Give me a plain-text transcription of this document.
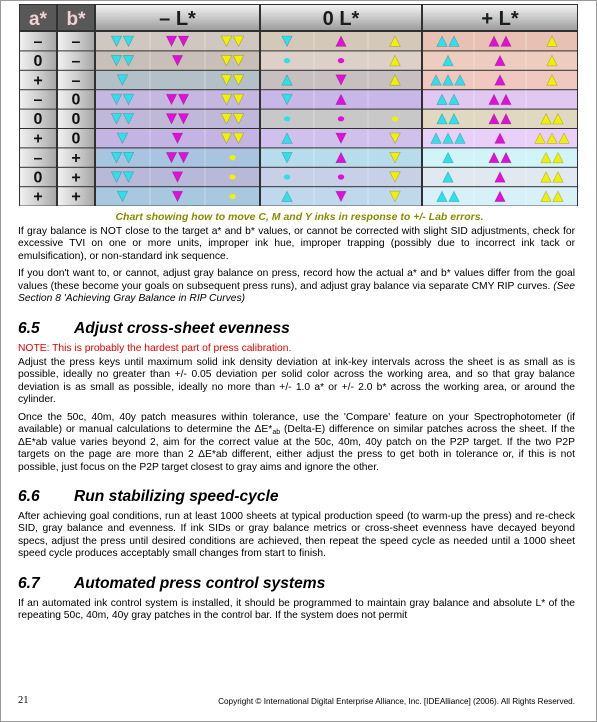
a* b*	– L*	0 L*	+ L*
– –
0 –
+ –
– 0
0 0
+ 0
– +
0 +
+ +
Chart showing how to move C, M and Y inks in response to +/- Lab errors.

If gray balance is NOT close to the target a* and b* values, or cannot be corrected with slight SID adjustments, check for excessive TVI on one or more units, improper ink hue, improper trapping (possibly due to incorrect ink tack or emulsification), or non-standard ink sequence.

If you don't want to, or cannot, adjust gray balance on press, record how the actual a* and b* values differ from the goal values (these become your goals on subsequent press runs), and adjust gray balance via separate CMY RIP curves. (See Section 8 'Achieving Gray Balance in RIP Curves)

6.5	Adjust cross-sheet evenness

NOTE: This is probably the hardest part of press calibration.

Adjust the press keys until maximum solid ink density deviation at ink-key intervals across the sheet is as small as is possible, ideally no greater than +/- 0.05 deviation per solid color across the working area, and so that gray balance deviation is as small as possible, ideally no more than +/- 1.0 a* or +/- 2.0 b* across the working area, or around the cylinder.

Once the 50c, 40m, 40y patch measures within tolerance, use the 'Compare' feature on your Spectrophotometer (if available) or manual calculations to determine the $\Delta E*_{ab}$ (Delta-E) difference on similar patches across the sheet. If the ΔE*ab value varies beyond 2, aim for the correct value at the 50c, 40m, 40y patch on the P2P target. If the two P2P targets on the page are more than 2 ΔE*ab different, either adjust the press to get both in tolerance or, if this is not possible, just focus on the P2P target closest to gray aims and ignore the other.

6.6	Run stabilizing speed-cycle

After achieving goal conditions, run at least 1000 sheets at typical production speed (to warm-up the press) and re-check SID, gray balance and evenness. If ink SIDs or gray balance metrics or cross-sheet evenness have decayed beyond specs, adjust the press until desired conditions are achieved, then repeat the speed cycle as needed until a 1000 sheet speed cycle produces acceptably small changes from start to finish.

6.7	Automated press control systems

If an automated ink control system is installed, it should be programmed to maintain gray balance and absolute L* of the repeating 50c, 40m, 40y gray patches in the control bar. If the system does not permit

21	Copyright © International Digital Enterprise Alliance, Inc. [IDEAlliance] (2006). All Rights Reserved.
